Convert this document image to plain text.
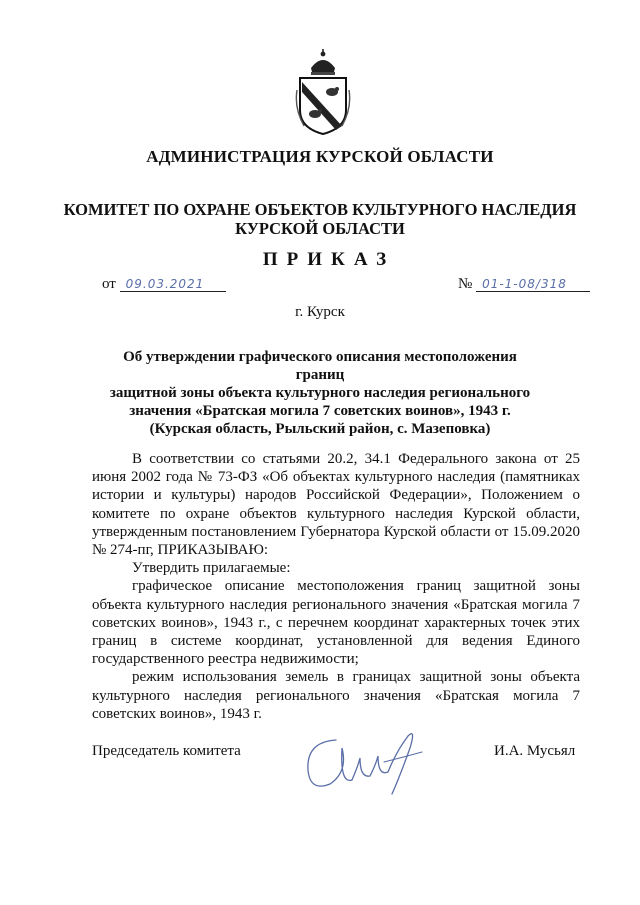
АДМИНИСТРАЦИЯ КУРСКОЙ ОБЛАСТИ
КОМИТЕТ ПО ОХРАНЕ ОБЪЕКТОВ КУЛЬТУРНОГО НАСЛЕДИЯ
КУРСКОЙ ОБЛАСТИ
ПРИКАЗ
от 09.03.2021	№ 01-1-08/318
г. Курск
Об утверждении графического описания местоположения границ
защитной зоны объекта культурного наследия регионального
значения «Братская могила 7 советских воинов», 1943 г.
(Курская область, Рыльский район, с. Мазеповка)

В соответствии со статьями 20.2, 34.1 Федерального закона от 25 июня 2002 года № 73-ФЗ «Об объектах культурного наследия (памятниках истории и культуры) народов Российской Федерации», Положением о комитете по охране объектов культурного наследия Курской области, утвержденным постановлением Губернатора Курской области от 15.09.2020 № 274-пг, ПРИКАЗЫВАЮ:

Утвердить прилагаемые:

графическое описание местоположения границ защитной зоны объекта культурного наследия регионального значения «Братская могила 7 советских воинов», 1943 г., с перечнем координат характерных точек этих границ в системе координат, установленной для ведения Единого государственного реестра недвижимости;

режим использования земель в границах защитной зоны объекта культурного наследия регионального значения «Братская могила 7 советских воинов», 1943 г.

Председатель комитета	И.А. Мусьял
